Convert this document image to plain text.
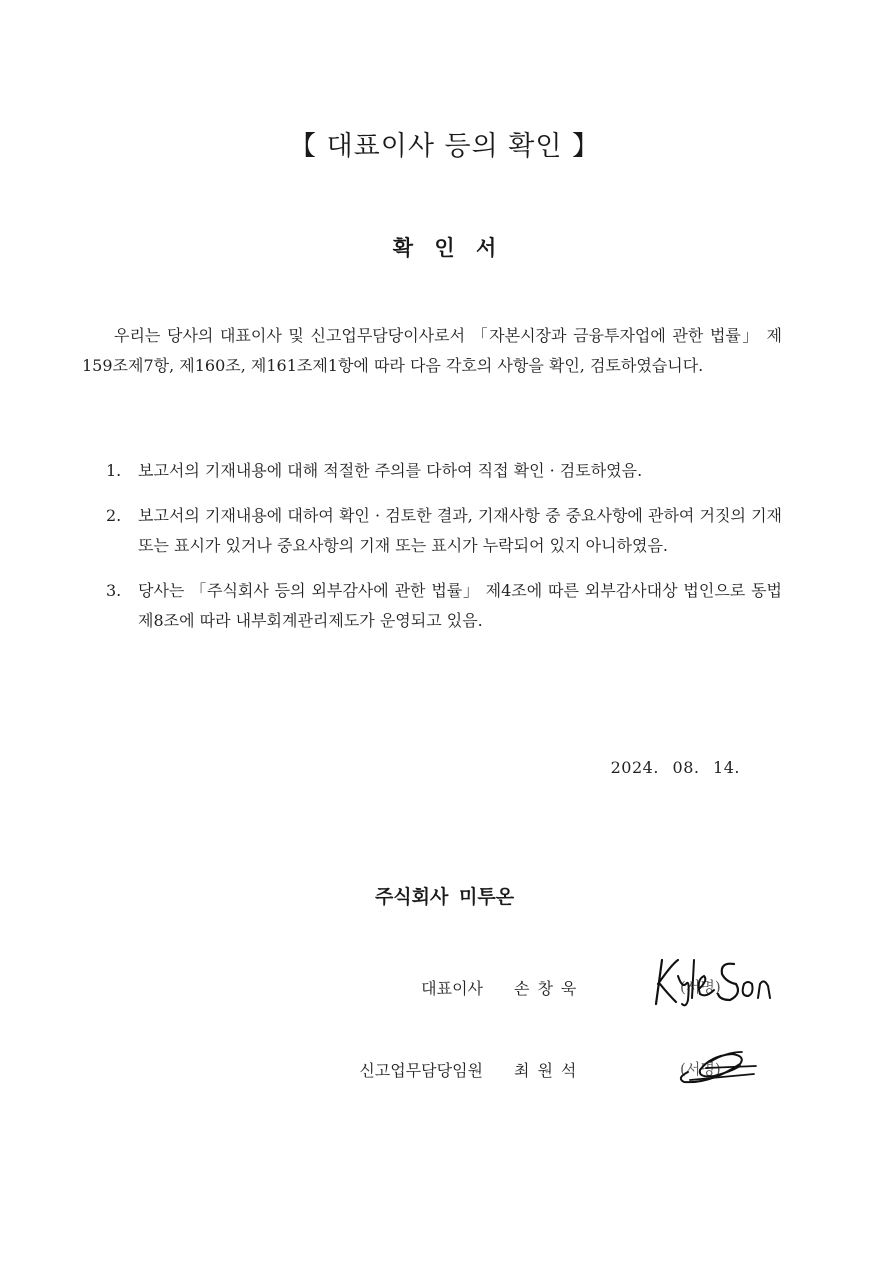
【 대표이사 등의 확인 】
확 인 서

우리는 당사의 대표이사 및 신고업무담당이사로서 「자본시장과 금융투자업에 관한 법률」 제159조제7항, 제160조, 제161조제1항에 따라 다음 각호의 사항을 확인, 검토하였습니다.

1. 보고서의 기재내용에 대해 적절한 주의를 다하여 직접 확인 · 검토하였음.
2. 보고서의 기재내용에 대하여 확인 · 검토한 결과, 기재사항 중 중요사항에 관하여 거짓의 기재 또는 표시가 있거나 중요사항의 기재 또는 표시가 누락되어 있지 아니하였음.
3. 당사는 「주식회사 등의 외부감사에 관한 법률」 제4조에 따른 외부감사대상 법인으로 동법 제8조에 따라 내부회계관리제도가 운영되고 있음.
2024. 08. 14.
주식회사 미투온
대표이사 손창욱	(서명)
신고업무담당임원 최원석	(서명)
